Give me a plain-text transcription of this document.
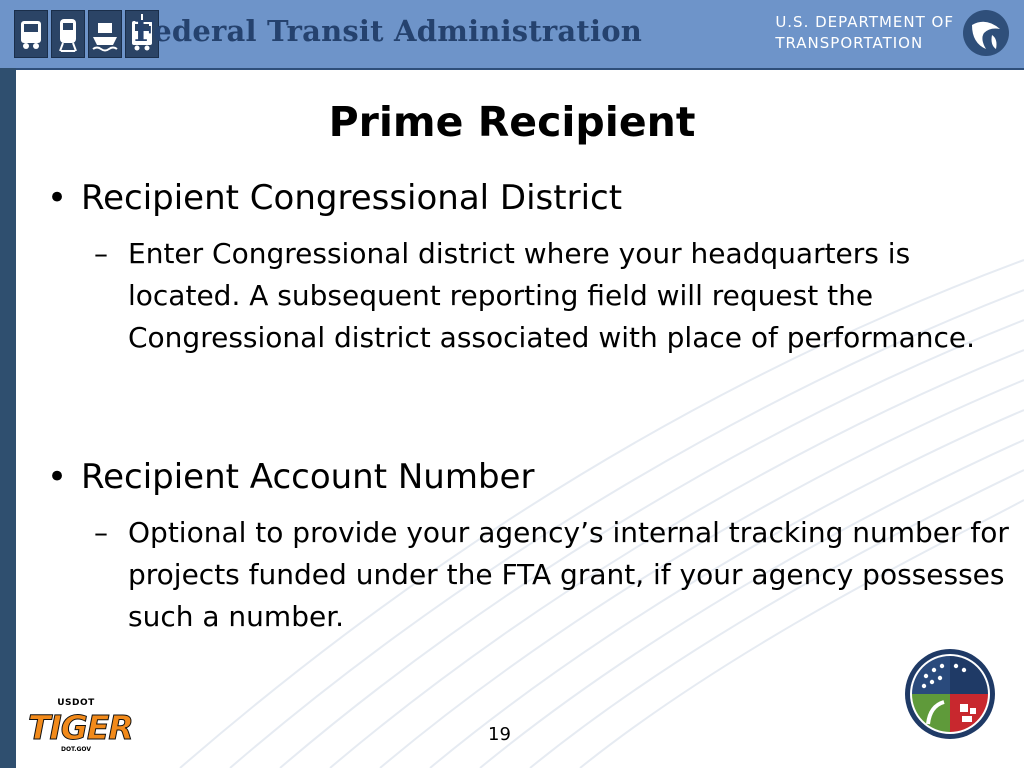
Federal Transit Administration	U.S. DEPARTMENT OF
TRANSPORTATION
Prime Recipient
• Recipient Congressional District
– Enter Congressional district where your headquarters is located. A subsequent reporting field will request the Congressional district associated with place of performance.
• Recipient Account Number
– Optional to provide your agency’s internal tracking number for projects funded under the FTA grant, if your agency possesses such a number.
USDOT
TIGER
DOT.GOV
19
